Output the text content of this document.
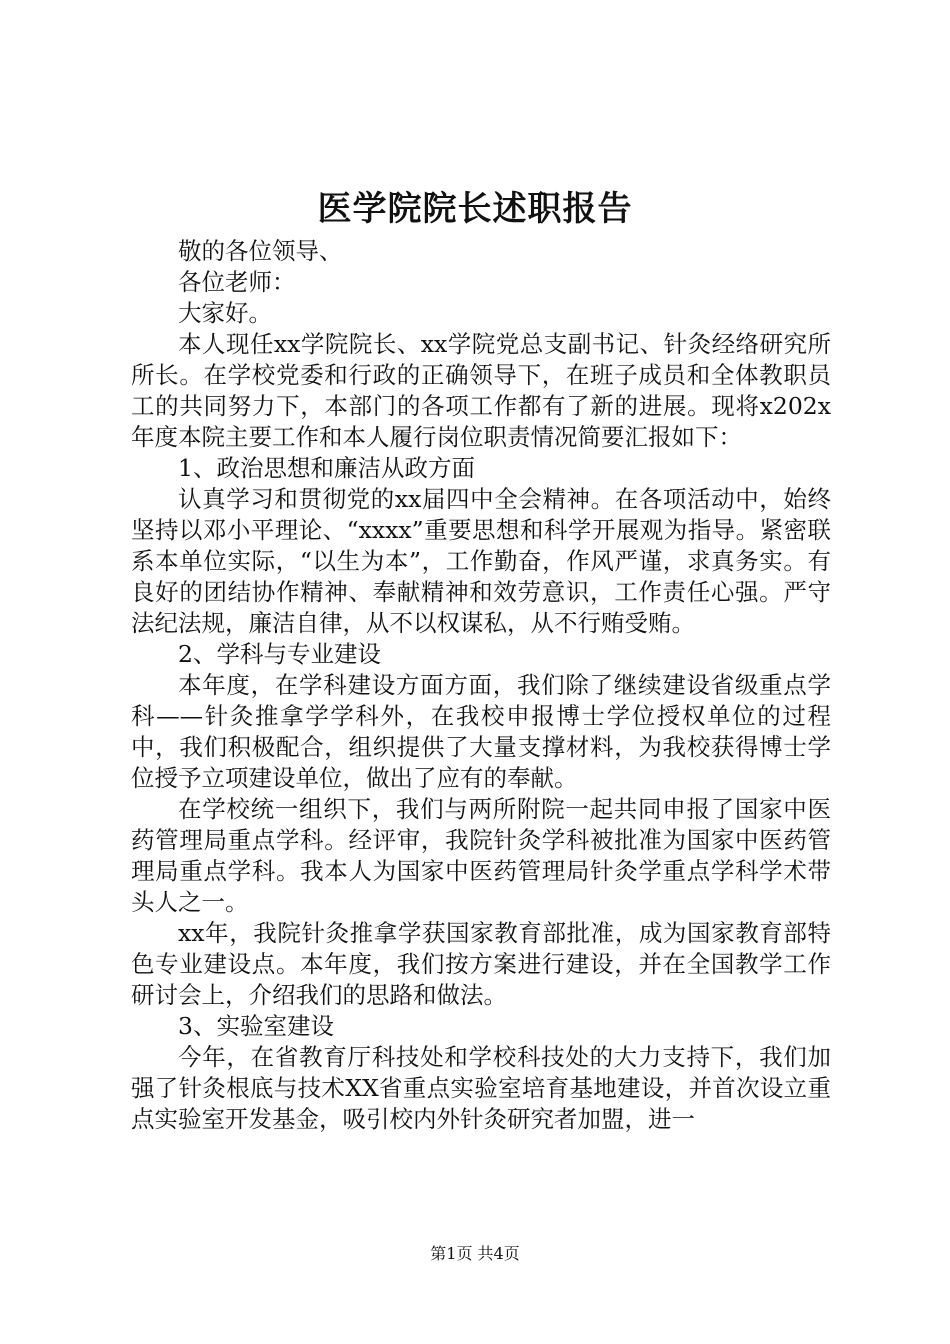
医学院院长述职报告

敬的各位领导、

各位老师：

大家好。

本人现任xx学院院长、xx学院党总支副书记、针灸经络研究所所长。在学校党委和行政的正确领导下，在班子成员和全体教职员工的共同努力下，本部门的各项工作都有了新的进展。现将x202x年度本院主要工作和本人履行岗位职责情况简要汇报如下：

1、政治思想和廉洁从政方面

认真学习和贯彻党的xx届四中全会精神。在各项活动中，始终坚持以邓小平理论、“xxxx”重要思想和科学开展观为指导。紧密联系本单位实际，“以生为本”，工作勤奋，作风严谨，求真务实。有良好的团结协作精神、奉献精神和效劳意识，工作责任心强。严守法纪法规，廉洁自律，从不以权谋私，从不行贿受贿。

2、学科与专业建设

本年度，在学科建设方面方面，我们除了继续建设省级重点学科——针灸推拿学学科外，在我校申报博士学位授权单位的过程中，我们积极配合，组织提供了大量支撑材料，为我校获得博士学位授予立项建设单位，做出了应有的奉献。

在学校统一组织下，我们与两所附院一起共同申报了国家中医药管理局重点学科。经评审，我院针灸学科被批准为国家中医药管理局重点学科。我本人为国家中医药管理局针灸学重点学科学术带头人之一。

xx年，我院针灸推拿学获国家教育部批准，成为国家教育部特色专业建设点。本年度，我们按方案进行建设，并在全国教学工作研讨会上，介绍我们的思路和做法。

3、实验室建设

今年，在省教育厅科技处和学校科技处的大力支持下，我们加强了针灸根底与技术XX省重点实验室培育基地建设，并首次设立重点实验室开发基金，吸引校内外针灸研究者加盟，进一

第1页 共4页
